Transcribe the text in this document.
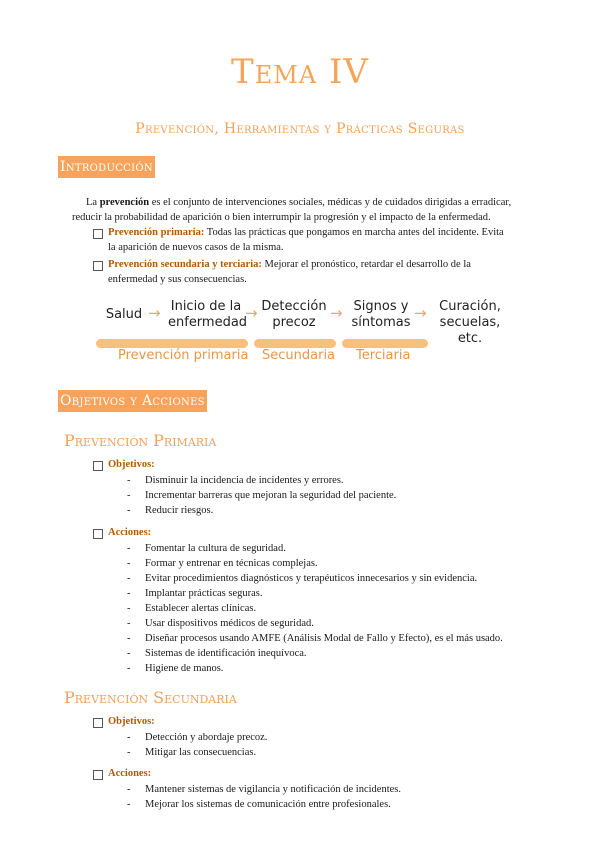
Tema IV
Prevención, Herramientas y Prácticas Seguras
Introducción
La prevención es el conjunto de intervenciones sociales, médicas y de cuidados dirigidas a erradicar,
reducir la probabilidad de aparición o bien interrumpir la progresión y el impacto de la enfermedad.
Prevención primaria: Todas las prácticas que pongamos en marcha antes del incidente. Evita
la aparición de nuevos casos de la misma.
Prevención secundaria y terciaria: Mejorar el pronóstico, retardar el desarrollo de la
enfermedad y sus consecuencias.
Salud → Inicio de la
enfermedad
→ Detección
precoz
→ Signos y
síntomas
→ Curación,
secuelas, etc.
Prevención primaria Secundaria Terciaria
Objetivos y Acciones
Prevención Primaria
Objetivos:
- Disminuir la incidencia de incidentes y errores.
- Incrementar barreras que mejoran la seguridad del paciente.
- Reducir riesgos.
Acciones:
- Fomentar la cultura de seguridad.
- Formar y entrenar en técnicas complejas.
- Evitar procedimientos diagnósticos y terapéuticos innecesarios y sin evidencia.
- Implantar prácticas seguras.
- Establecer alertas clínicas.
- Usar dispositivos médicos de seguridad.
- Diseñar procesos usando AMFE (Análisis Modal de Fallo y Efecto), es el más usado.
- Sistemas de identificación inequívoca.
- Higiene de manos.
Prevención Secundaria
Objetivos:
- Detección y abordaje precoz.
- Mitigar las consecuencias.
Acciones:
- Mantener sistemas de vigilancia y notificación de incidentes.
- Mejorar los sistemas de comunicación entre profesionales.
